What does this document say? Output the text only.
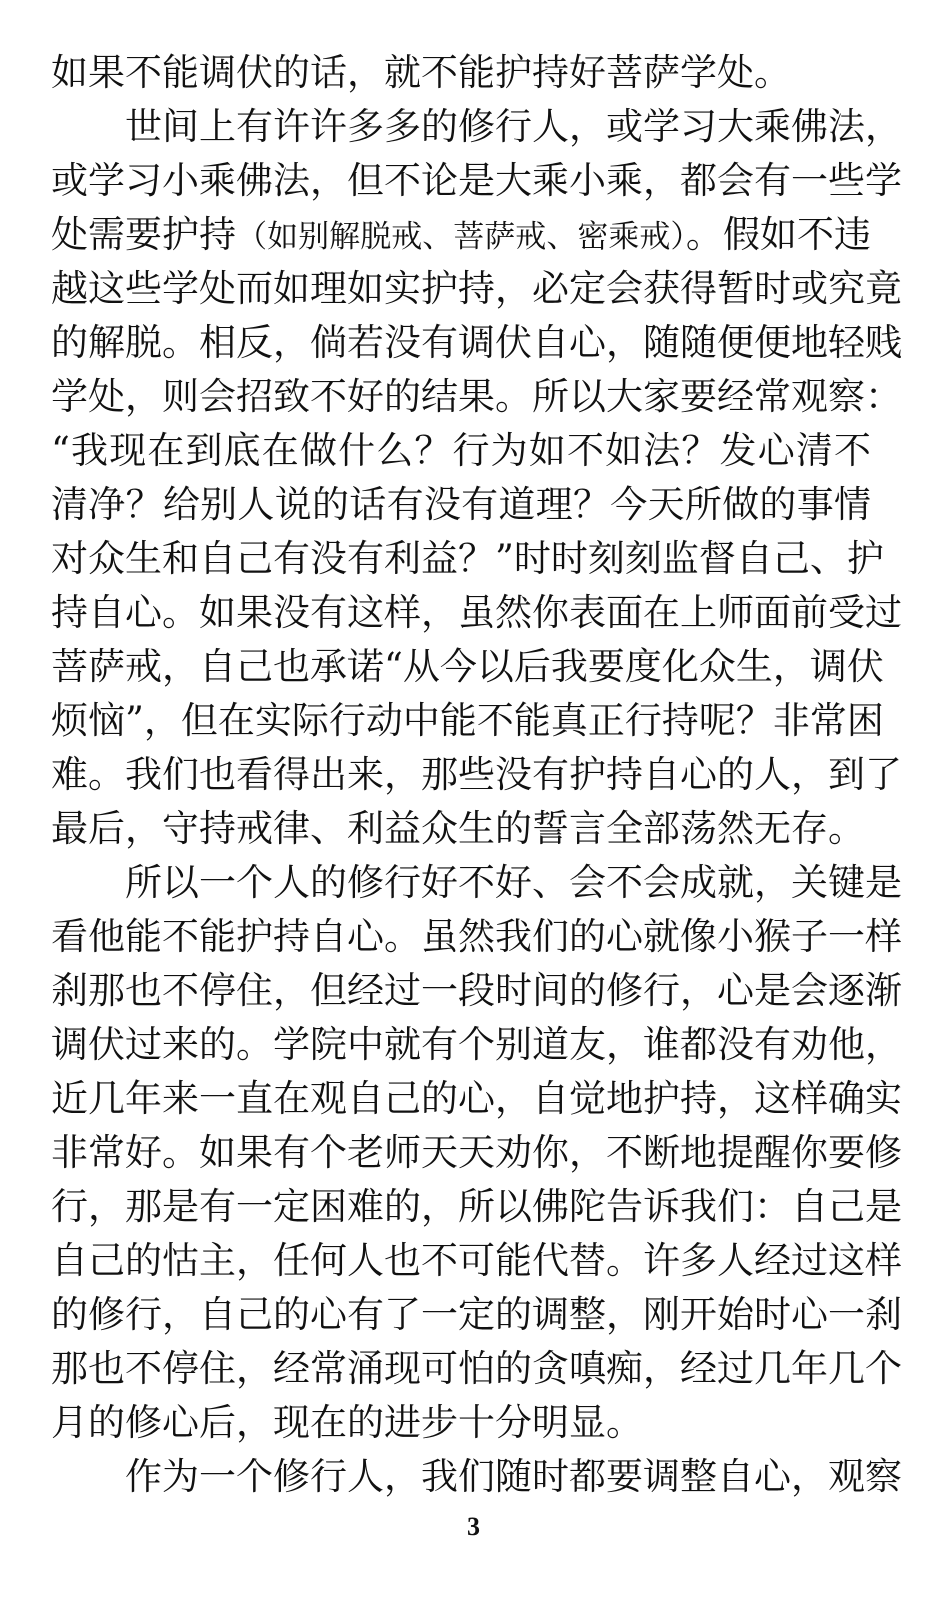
如果不能调伏的话，就不能护持好菩萨学处。
世间上有许许多多的修行人，或学习大乘佛法，
或学习小乘佛法，但不论是大乘小乘，都会有一些学
处需要护持（如别解脱戒、菩萨戒、密乘戒）。假如不违
越这些学处而如理如实护持，必定会获得暂时或究竟
的解脱。相反，倘若没有调伏自心，随随便便地轻贱
学处，则会招致不好的结果。所以大家要经常观察：
“我现在到底在做什么？行为如不如法？发心清不
清净？给别人说的话有没有道理？今天所做的事情
对众生和自己有没有利益？”时时刻刻监督自己、护
持自心。如果没有这样，虽然你表面在上师面前受过
菩萨戒，自己也承诺“从今以后我要度化众生，调伏
烦恼”，但在实际行动中能不能真正行持呢？非常困
难。我们也看得出来，那些没有护持自心的人，到了
最后，守持戒律、利益众生的誓言全部荡然无存。
所以一个人的修行好不好、会不会成就，关键是
看他能不能护持自心。虽然我们的心就像小猴子一样
刹那也不停住，但经过一段时间的修行，心是会逐渐
调伏过来的。学院中就有个别道友，谁都没有劝他，
近几年来一直在观自己的心，自觉地护持，这样确实
非常好。如果有个老师天天劝你，不断地提醒你要修
行，那是有一定困难的，所以佛陀告诉我们：自己是
自己的怙主，任何人也不可能代替。许多人经过这样
的修行，自己的心有了一定的调整，刚开始时心一刹
那也不停住，经常涌现可怕的贪嗔痴，经过几年几个
月的修心后，现在的进步十分明显。
作为一个修行人，我们随时都要调整自心，观察
3
